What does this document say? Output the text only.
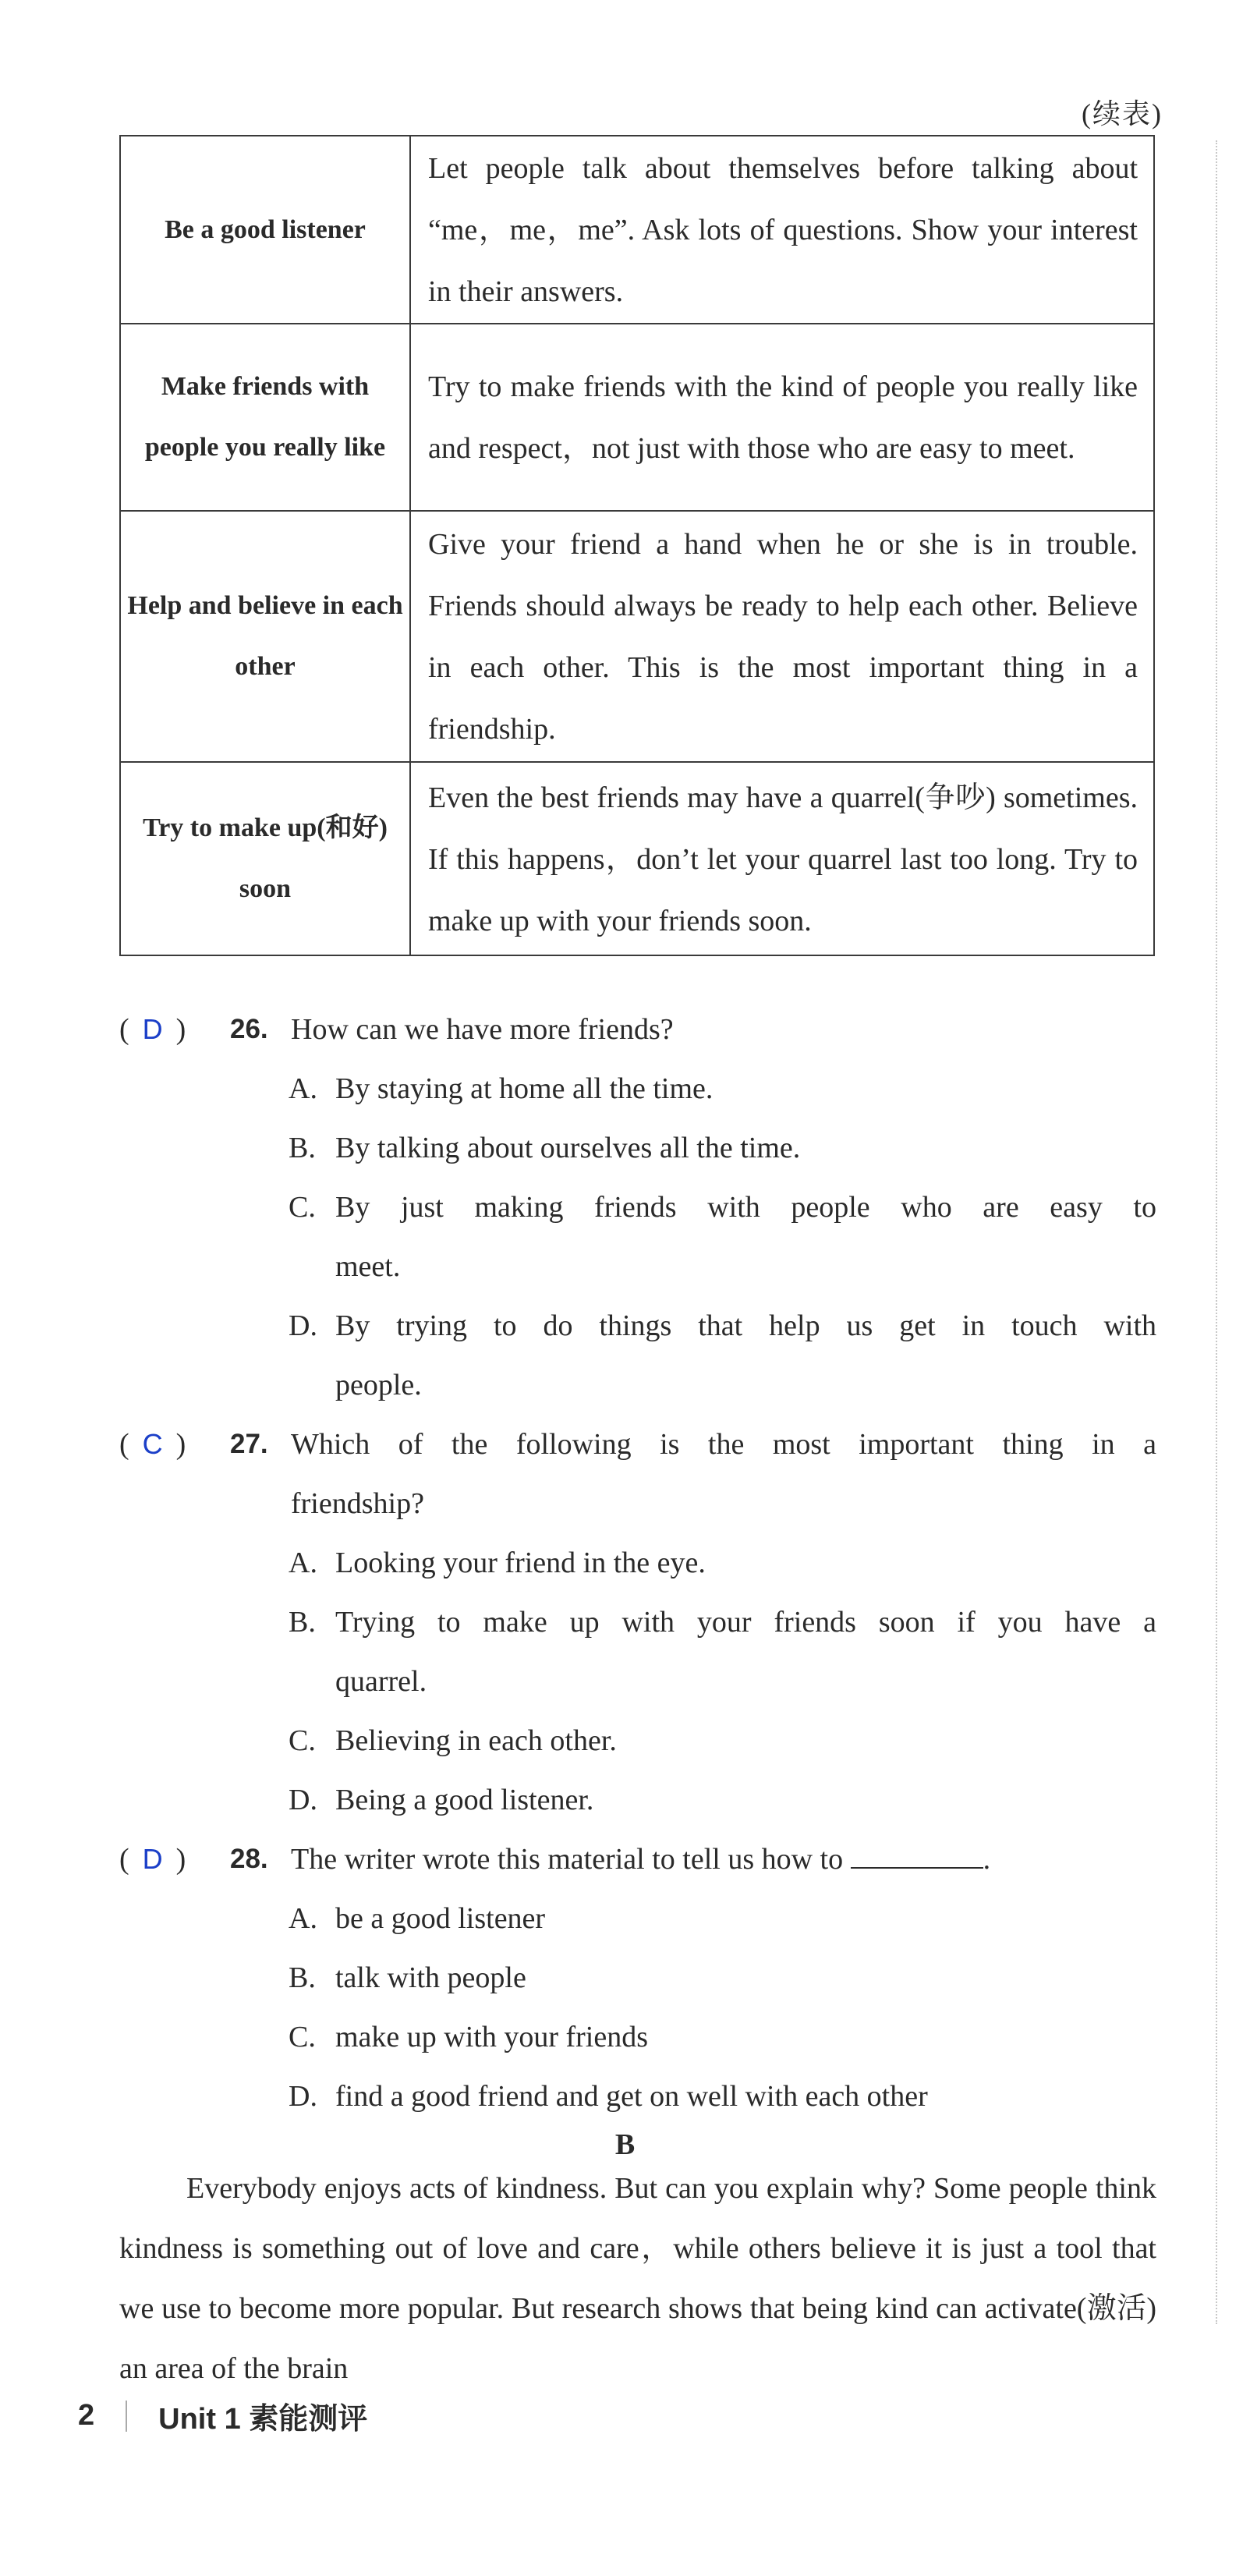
(续表)
Be a good listener	Let people talk about themselves before talking about “me，me，me”. Ask lots of questions. Show your interest in their answers.
Make friends with people you really like	Try to make friends with the kind of people you really like and respect，not just with those who are easy to meet.
Help and believe in each other	Give your friend a hand when he or she is in trouble. Friends should always be ready to help each other. Believe in each other. This is the most important thing in a friendship.
Try to make up(和好) soon	Even the best friends may have a quarrel(争吵) sometimes. If this happens，don’t let your quarrel last too long. Try to make up with your friends soon.
( D ) 26. How can we have more friends?
A. By staying at home all the time.
B. By talking about ourselves all the time.
C. By just making friends with people who are easy to
meet.
D. By trying to do things that help us get in touch with
people.
( C ) 27. Which of the following is the most important thing in a
friendship?
A. Looking your friend in the eye.
B. Trying to make up with your friends soon if you have a
quarrel.
C. Believing in each other.
D. Being a good listener.
( D ) 28. The writer wrote this material to tell us how to	.
A. be a good listener
B. talk with people
C. make up with your friends
D. find a good friend and get on well with each other
B
Everybody enjoys acts of kindness. But can you explain why? Some people think kindness is something out of love and care，while others believe it is just a tool that we use to become more popular. But research shows that being kind can activate(激活) an area of the brain
2 Unit 1 素能测评
